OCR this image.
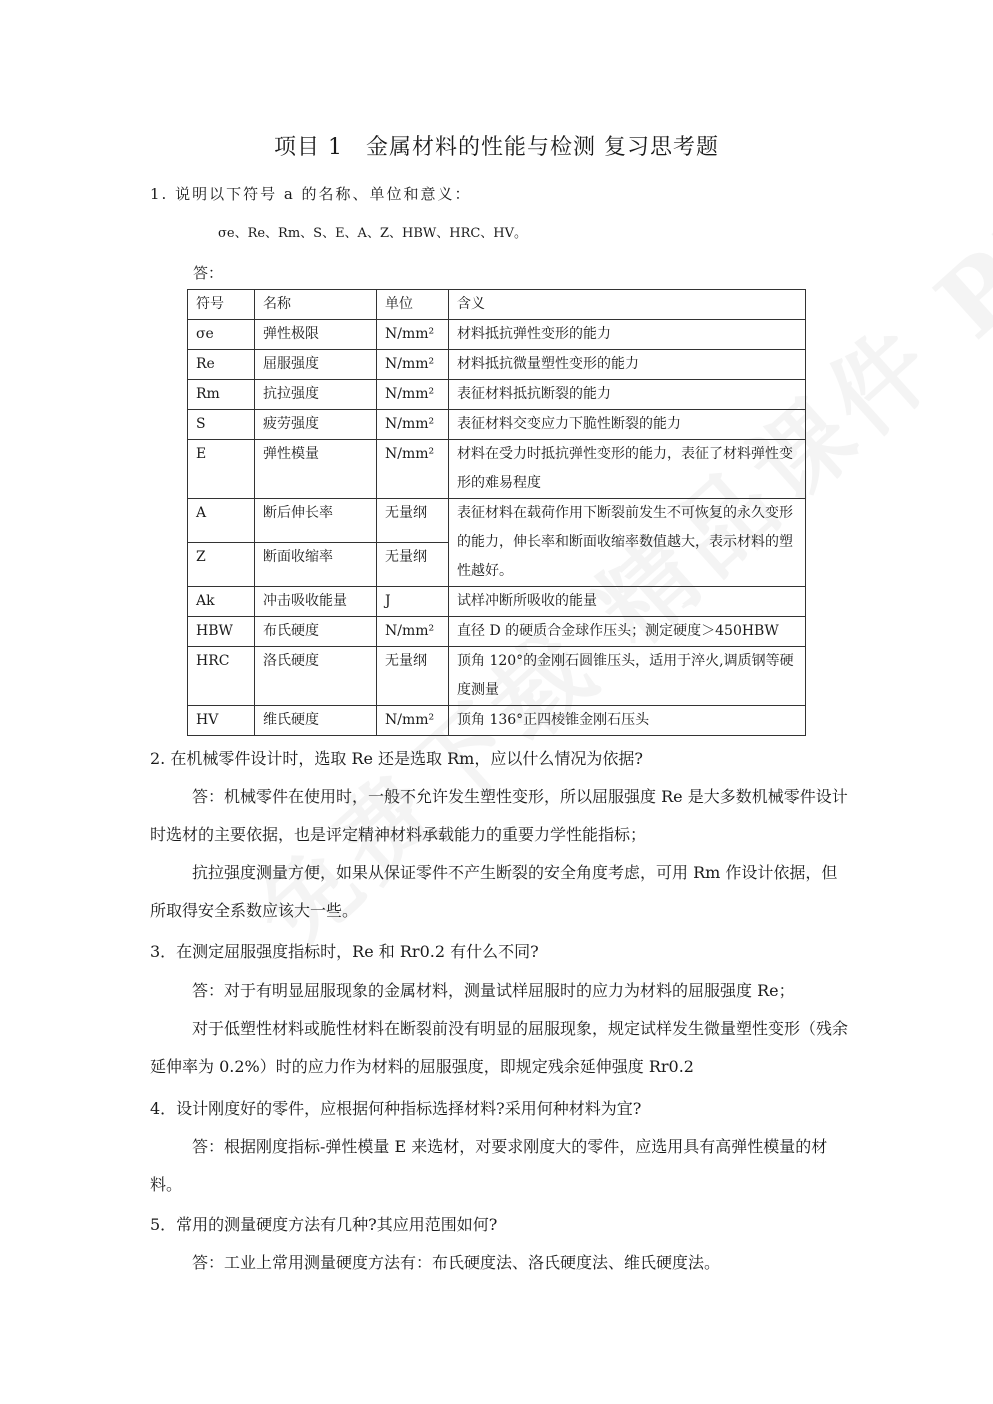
项目 1　金属材料的性能与检测 复习思考题
1. 说明以下符号 a 的名称、单位和意义：
σe、Re、Rm、S、E、A、Z、HBW、HRC、HV。
答：
符号	名称	单位	含义
σe	弹性极限	N/mm²	材料抵抗弹性变形的能力
Re	屈服强度	N/mm²	材料抵抗微量塑性变形的能力
Rm	抗拉强度	N/mm²	表征材料抵抗断裂的能力
S	疲劳强度	N/mm²	表征材料交变应力下脆性断裂的能力
E	弹性模量	N/mm²	材料在受力时抵抗弹性变形的能力，表征了材料弹性变形的难易程度
A	断后伸长率	无量纲	表征材料在载荷作用下断裂前发生不可恢复的永久变形的能力，伸长率和断面收缩率数值越大，表示材料的塑性越好。
Z	断面收缩率	无量纲	
Ak	冲击吸收能量	J	试样冲断所吸收的能量
HBW	布氏硬度	N/mm²	直径 D 的硬质合金球作压头；测定硬度＞450HBW
HRC	洛氏硬度	无量纲	顶角 120°的金刚石圆锥压头，适用于淬火,调质钢等硬度测量
HV	维氏硬度	N/mm²	顶角 136°正四棱锥金刚石压头
2. 在机械零件设计时，选取 Re 还是选取 Rm，应以什么情况为依据?
答：机械零件在使用时，一般不允许发生塑性变形，所以屈服强度 Re 是大多数机械零件设计时选材的主要依据，也是评定精神材料承载能力的重要力学性能指标；
抗拉强度测量方便，如果从保证零件不产生断裂的安全角度考虑，可用 Rm 作设计依据，但所取得安全系数应该大一些。
3．在测定屈服强度指标时，Re 和 Rr0.2 有什么不同?
答：对于有明显屈服现象的金属材料，测量试样屈服时的应力为材料的屈服强度 Re；
对于低塑性材料或脆性材料在断裂前没有明显的屈服现象，规定试样发生微量塑性变形（残余延伸率为 0.2%）时的应力作为材料的屈服强度，即规定残余延伸强度 Rr0.2
4．设计刚度好的零件，应根据何种指标选择材料?采用何种材料为宜?
答：根据刚度指标-弹性模量 E 来选材，对要求刚度大的零件，应选用具有高弹性模量的材料。
5．常用的测量硬度方法有几种?其应用范围如何?
答：工业上常用测量硬度方法有：布氏硬度法、洛氏硬度法、维氏硬度法。
